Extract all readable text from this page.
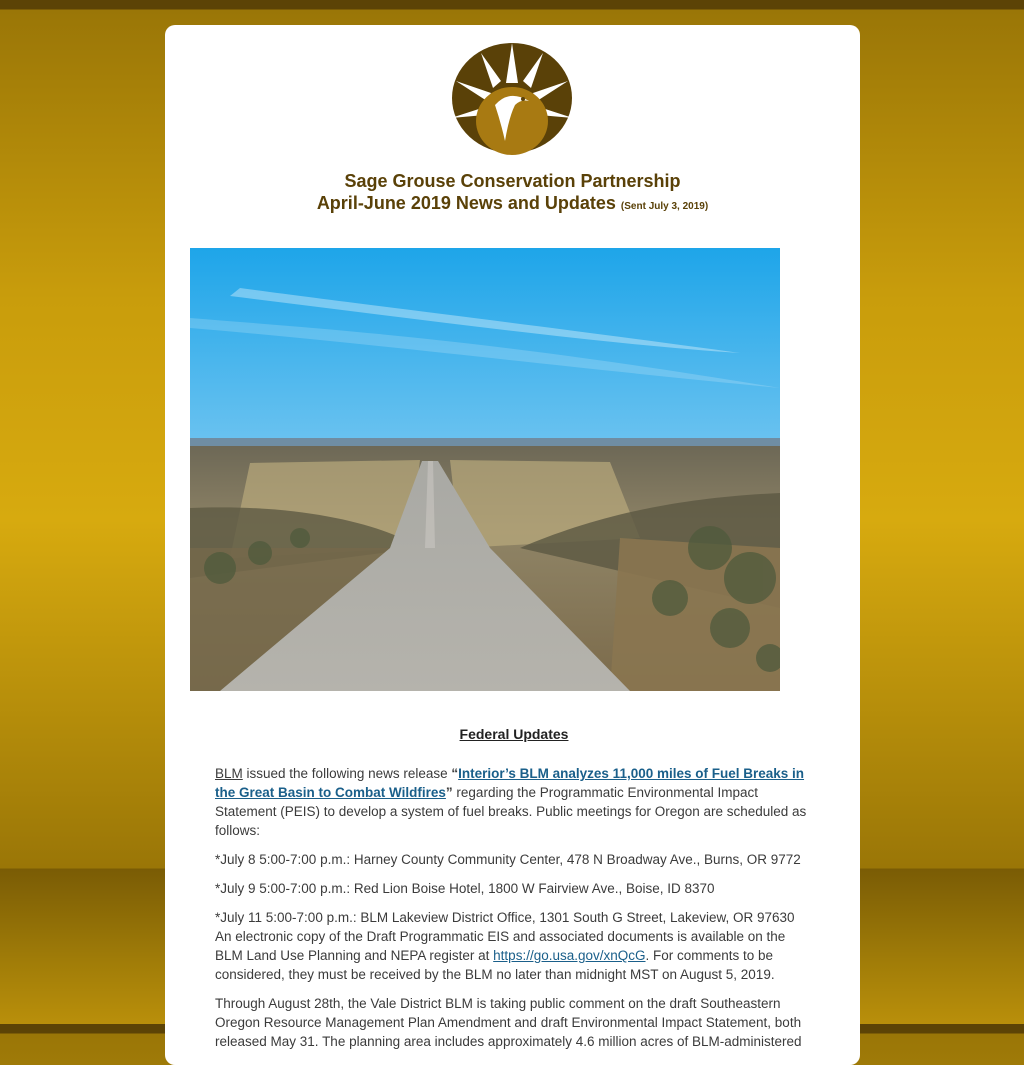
Sage Grouse Conservation Partnership
April-June 2019 News and Updates (Sent July 3, 2019)
Federal Updates

BLM issued the following news release “Interior’s BLM analyzes 11,000 miles of Fuel Breaks in the Great Basin to Combat Wildfires” regarding the Programmatic Environmental Impact Statement (PEIS) to develop a system of fuel breaks. Public meetings for Oregon are scheduled as follows:

*July 8 5:00-7:00 p.m.: Harney County Community Center, 478 N Broadway Ave., Burns, OR 9772

*July 9 5:00-7:00 p.m.: Red Lion Boise Hotel, 1800 W Fairview Ave., Boise, ID 8370

*July 11 5:00-7:00 p.m.: BLM Lakeview District Office, 1301 South G Street, Lakeview, OR 97630

An electronic copy of the Draft Programmatic EIS and associated documents is available on the BLM Land Use Planning and NEPA register at https://go.usa.gov/xnQcG. For comments to be considered, they must be received by the BLM no later than midnight MST on August 5, 2019.

Through August 28th, the Vale District BLM is taking public comment on the draft Southeastern Oregon Resource Management Plan Amendment and draft Environmental Impact Statement, both released May 31. The planning area includes approximately 4.6 million acres of BLM-administered
